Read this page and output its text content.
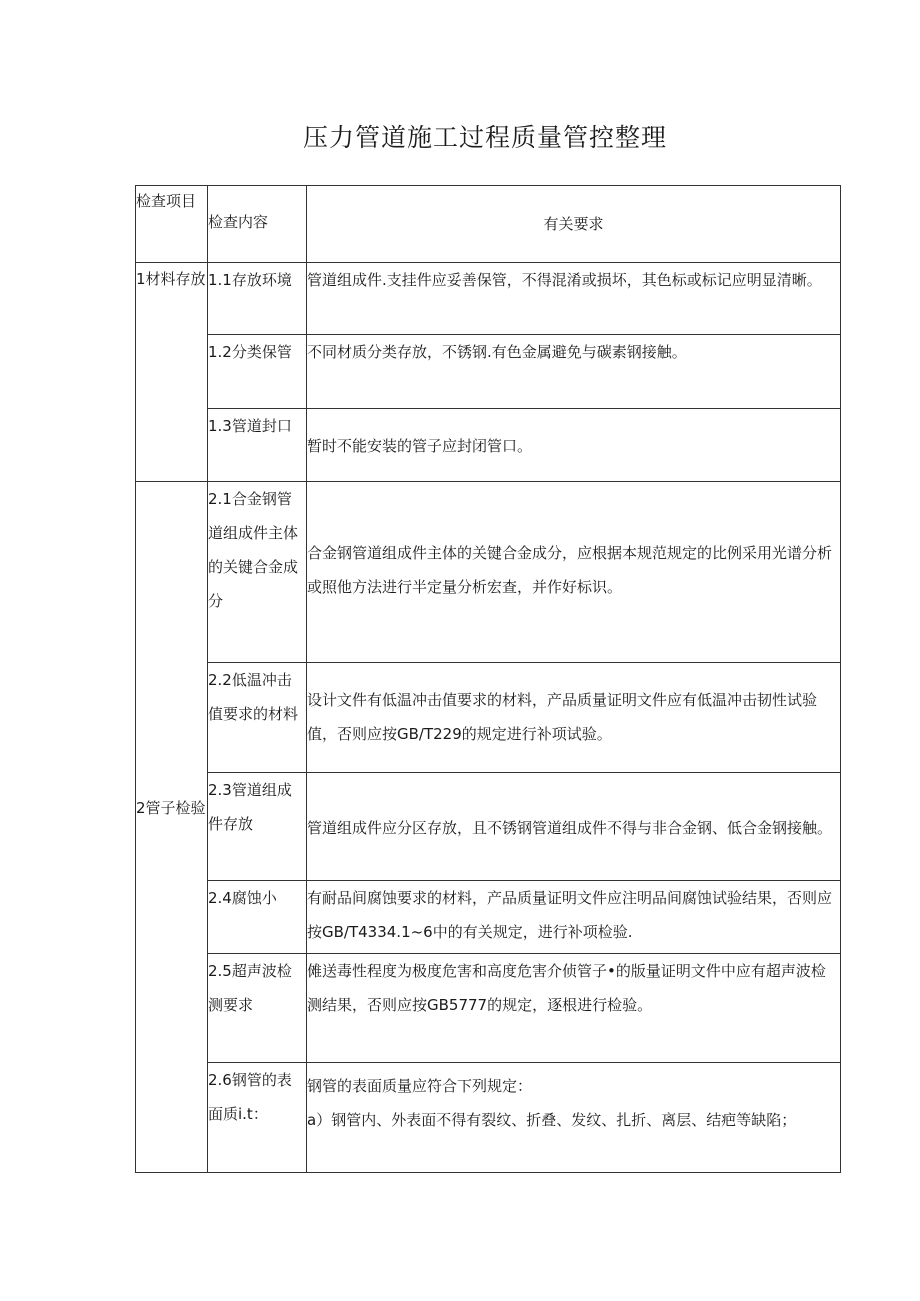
压力管道施工过程质量管控整理
检查项目	检查内容	有关要求
1材料存放	1.1存放环境	管道组成件.支挂件应妥善保管，不得混淆或损坏，其色标或标记应明显清晰。
	1.2分类保管	不同材质分类存放，不锈钢.有色金属避免与碳素钢接触。
	1.3管道封口	暂时不能安装的管子应封闭管口。
2管子检验	2.1合金钢管道组成件主体的关键合金成分	合金钢管道组成件主体的关键合金成分，应根据本规范规定的比例采用光谱分析或照他方法进行半定量分析宏查，并作好标识。
	2.2低温冲击值要求的材料	设计文件有低温冲击值要求的材料，产品质量证明文件应有低温冲击韧性试验值，否则应按GB/T229的规定进行补项试验。
	2.3管道组成件存放	管道组成件应分区存放，且不锈钢管道组成件不得与非合金钢、低合金钢接触。
	2.4腐蚀小	有耐品间腐蚀要求的材料，产品质量证明文件应注明品间腐蚀试验结果，否则应按GB/T4334.1~6中的有关规定，进行补项检验.
	2.5超声波检测要求	傩送毒性程度为极度危害和高度危害介侦管子•的版量证明文件中应有超声波检测结果，否则应按GB5777的规定，逐根进行检验。
	2.6钢管的表面质i.t：	钢管的表面质量应符合下列规定：
a）钢管内、外表面不得有裂纹、折叠、发纹、扎折、离层、结疤等缺陷；
